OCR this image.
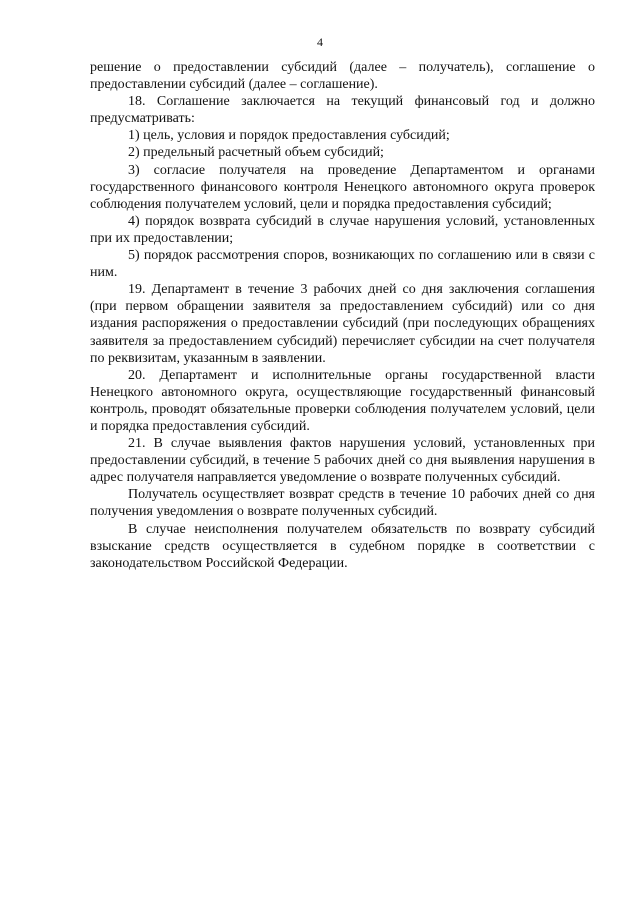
4

решение о предоставлении субсидий (далее – получатель), соглашение о предоставлении субсидий (далее – соглашение).

18. Соглашение заключается на текущий финансовый год и должно предусматривать:

1) цель, условия и порядок предоставления субсидий;

2) предельный расчетный объем субсидий;

3) согласие получателя на проведение Департаментом и органами государственного финансового контроля Ненецкого автономного округа проверок соблюдения получателем условий, цели и порядка предоставления субсидий;

4) порядок возврата субсидий в случае нарушения условий, установленных при их предоставлении;

5) порядок рассмотрения споров, возникающих по соглашению или в связи с ним.

19. Департамент в течение 3 рабочих дней со дня заключения соглашения (при первом обращении заявителя за предоставлением субсидий) или со дня издания распоряжения о предоставлении субсидий (при последующих обращениях заявителя за предоставлением субсидий) перечисляет субсидии на счет получателя по реквизитам, указанным в заявлении.

20. Департамент и исполнительные органы государственной власти Ненецкого автономного округа, осуществляющие государственный финансовый контроль, проводят обязательные проверки соблюдения получателем условий, цели и порядка предоставления субсидий.

21. В случае выявления фактов нарушения условий, установленных при предоставлении субсидий, в течение 5 рабочих дней со дня выявления нарушения в адрес получателя направляется уведомление о возврате полученных субсидий.

Получатель осуществляет возврат средств в течение 10 рабочих дней со дня получения уведомления о возврате полученных субсидий.

В случае неисполнения получателем обязательств по возврату субсидий взыскание средств осуществляется в судебном порядке в соответствии с законодательством Российской Федерации.
